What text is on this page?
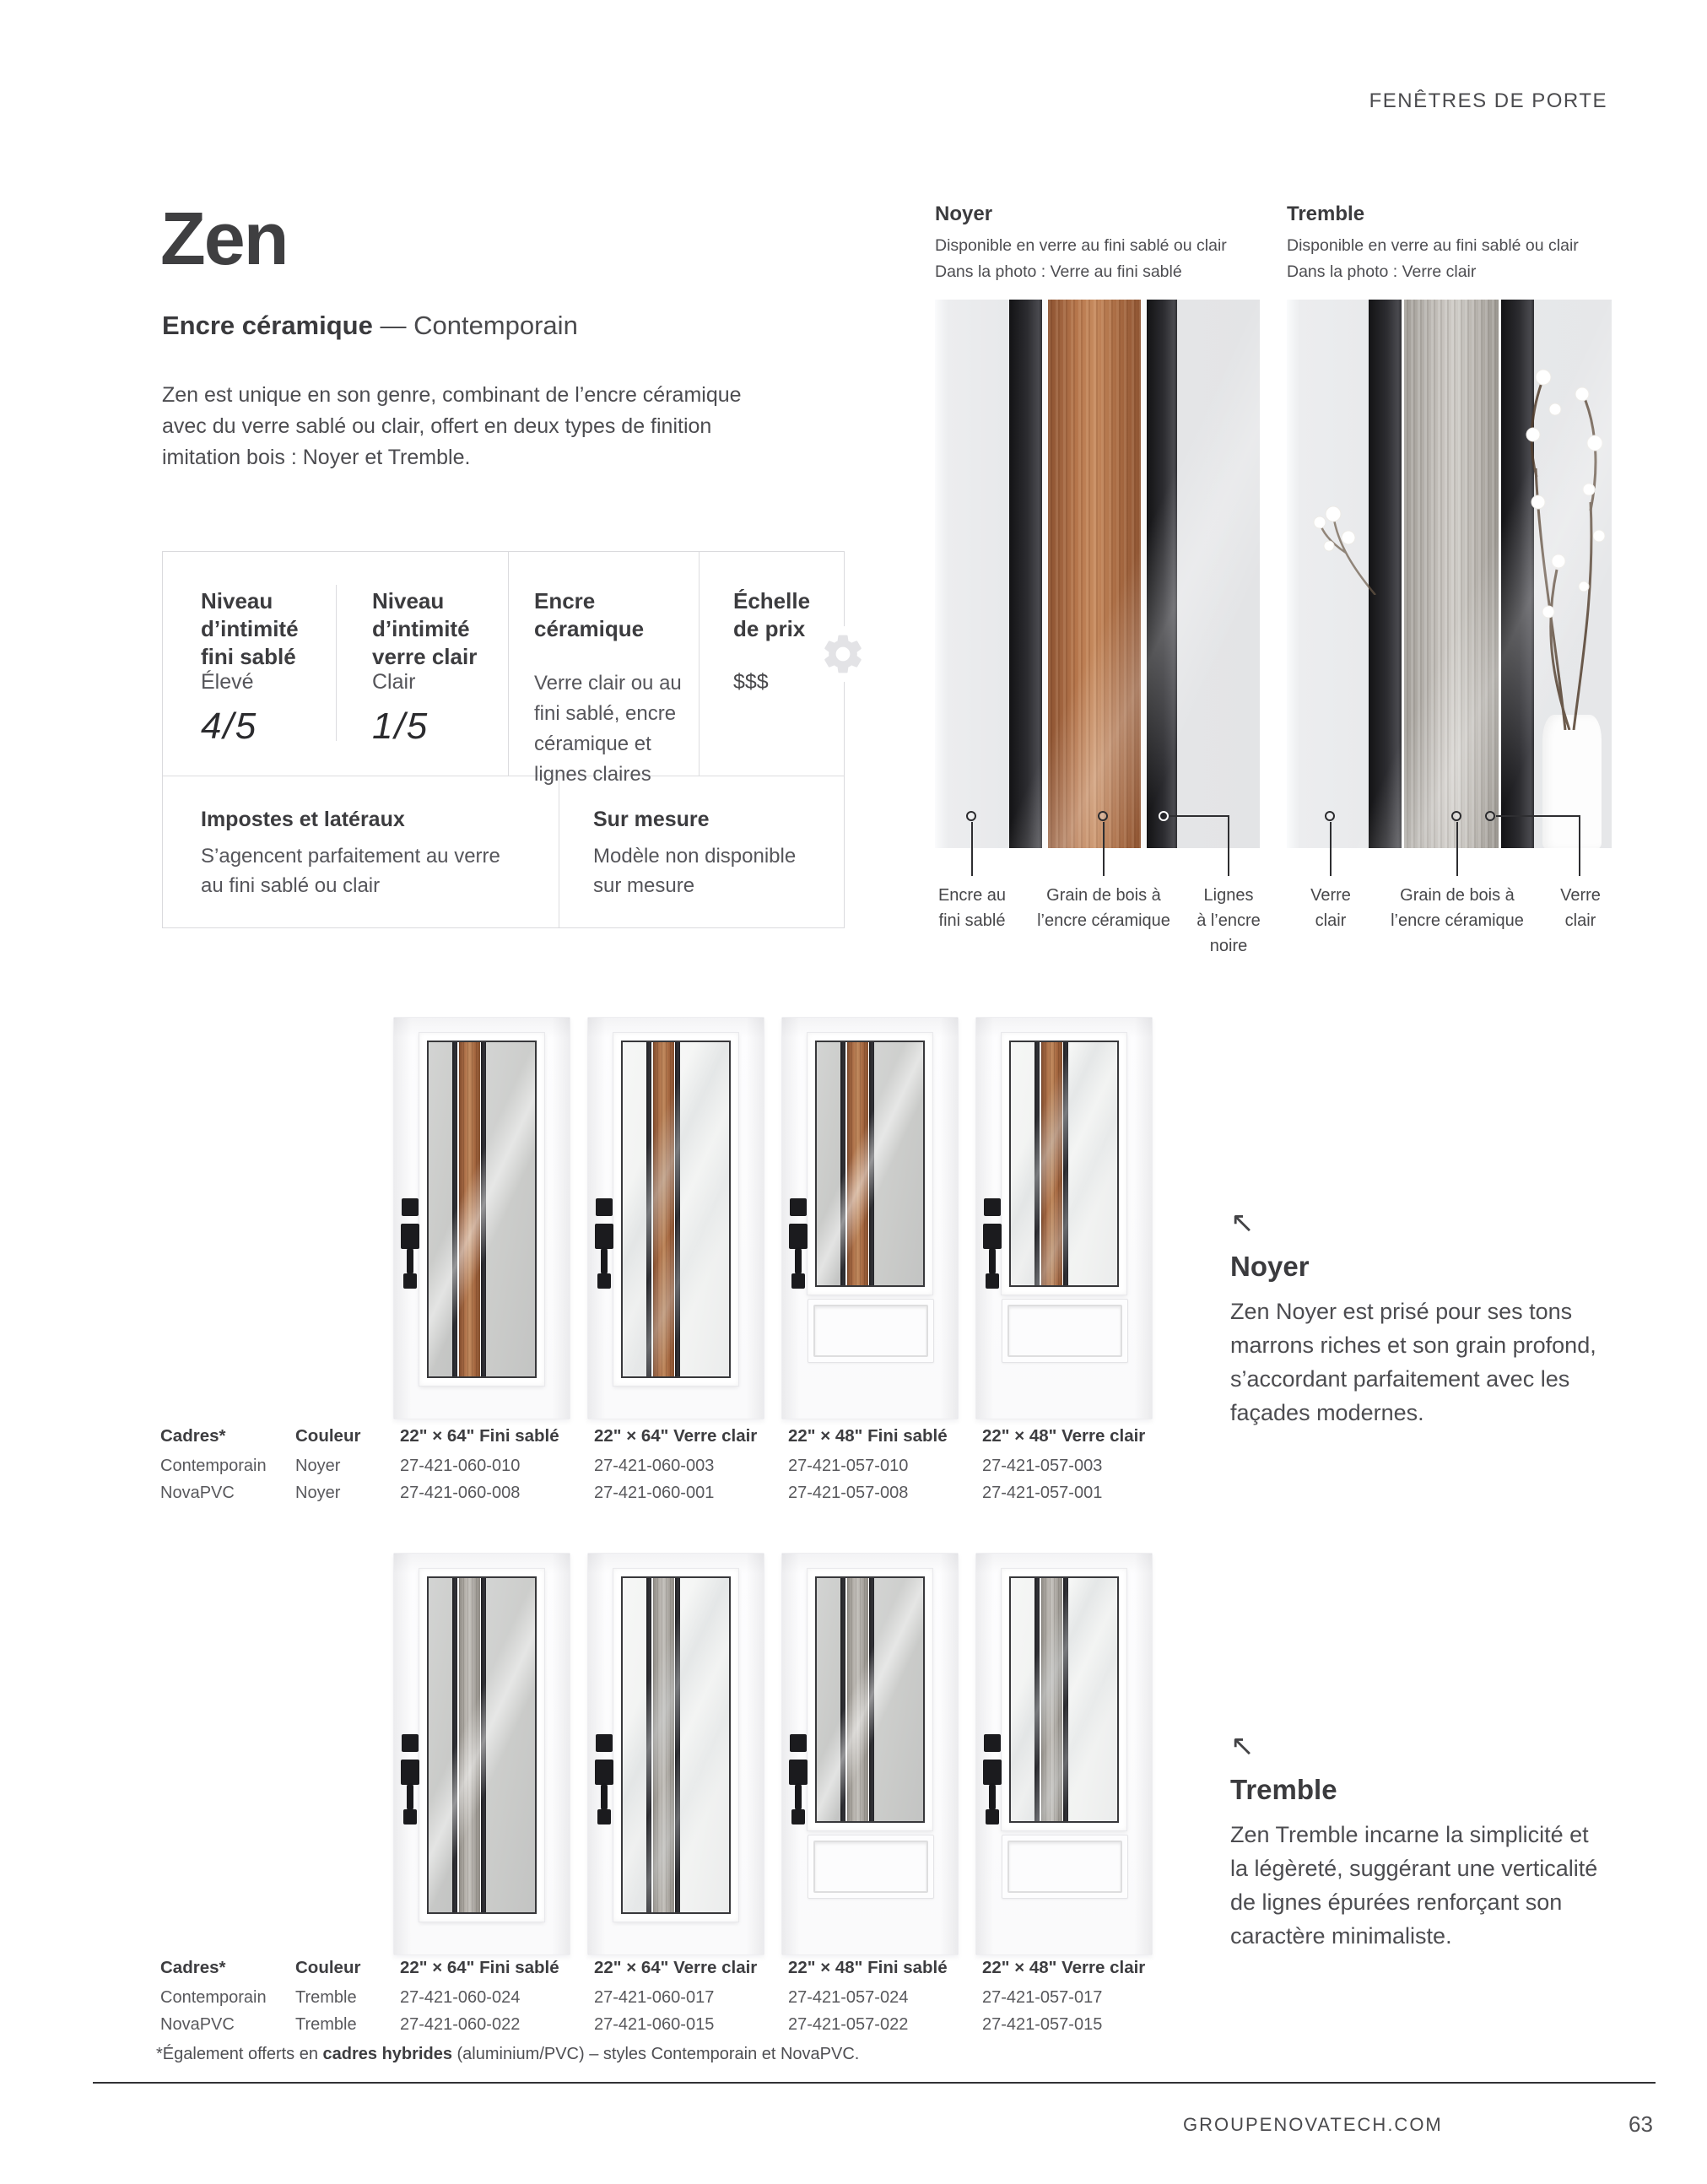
FENÊTRES DE PORTE
Zen
Encre céramique — Contemporain

Zen est unique en son genre, combinant de l’encre céramique
avec du verre sablé ou clair, offert en deux types de finition
imitation bois : Noyer et Tremble.

Niveau
d’intimité
fini sablé
Élevé
4/5
Niveau
d’intimité
verre clair
Clair
1/5
Encre
céramique
Verre clair ou au
fini sablé, encre
céramique et
lignes claires
Échelle
de prix
$$$
Impostes et latéraux
S’agencent parfaitement au verre
au fini sablé ou clair
Sur mesure
Modèle non disponible
sur mesure
Noyer

Disponible en verre au fini sablé ou clair
Dans la photo : Verre au fini sablé

Tremble

Disponible en verre au fini sablé ou clair
Dans la photo : Verre clair

Encre au
fini sablé
Grain de bois à
l’encre céramique
Lignes
à l’encre
noire
Verre
clair
Grain de bois à
l’encre céramique
Verre
clair
Cadres*	Couleur	22" × 64" Fini sablé	22" × 64" Verre clair	22" × 48" Fini sablé	22" × 48" Verre clair
Contemporain	Noyer	27-421-060-010	27-421-060-003	27-421-057-010	27-421-057-003
NovaPVC	Noyer	27-421-060-008	27-421-060-001	27-421-057-008	27-421-057-001
Cadres*	Couleur	22" × 64" Fini sablé	22" × 64" Verre clair	22" × 48" Fini sablé	22" × 48" Verre clair
Contemporain	Tremble	27-421-060-024	27-421-060-017	27-421-057-024	27-421-057-017
NovaPVC	Tremble	27-421-060-022	27-421-060-015	27-421-057-022	27-421-057-015
*Également offerts en cadres hybrides (aluminium/PVC) – styles Contemporain et NovaPVC.
↖
Noyer

Zen Noyer est prisé pour ses tons
marrons riches et son grain profond,
s’accordant parfaitement avec les
façades modernes.

↖
Tremble

Zen Tremble incarne la simplicité et
la légèreté, suggérant une verticalité
de lignes épurées renforçant son
caractère minimaliste.

GROUPENOVATECH.COM	63
